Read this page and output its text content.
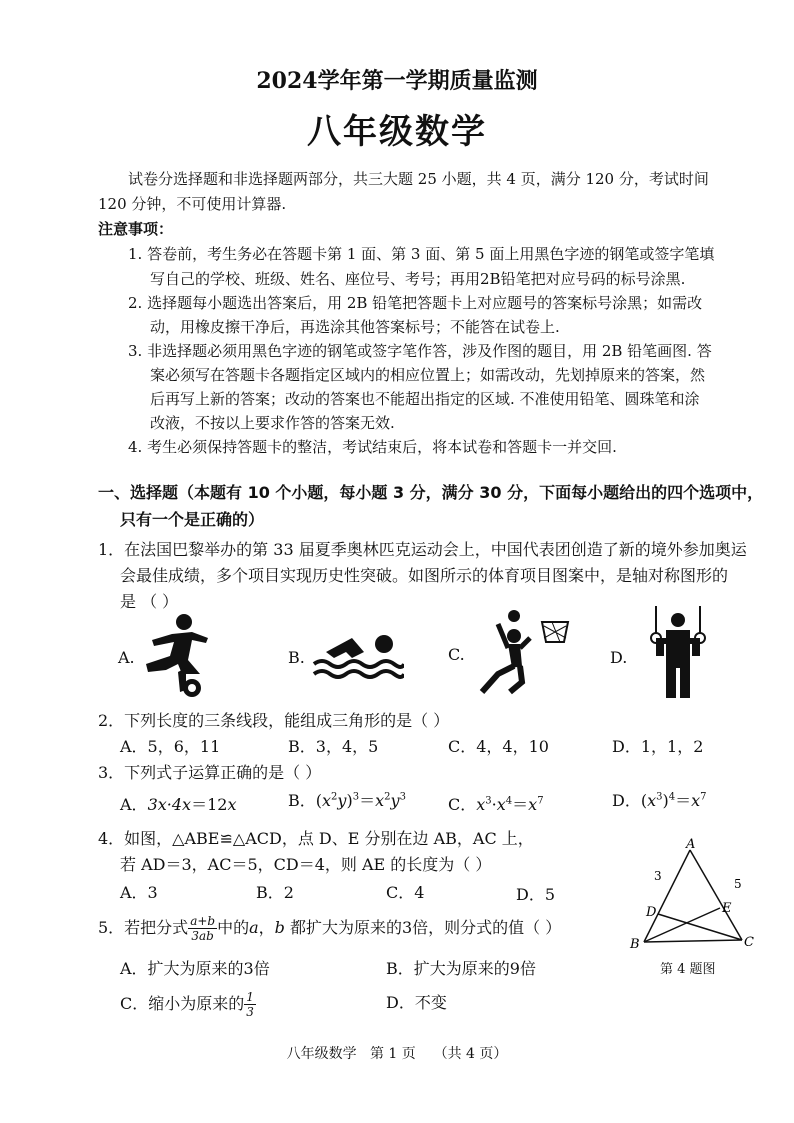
2024学年第一学期质量监测
八年级数学
试卷分选择题和非选择题两部分，共三大题 25 小题，共 4 页，满分 120 分，考试时间
120 分钟，不可使用计算器.
注意事项：
1. 答卷前，考生务必在答题卡第 1 面、第 3 面、第 5 面上用黑色字迹的钢笔或签字笔填
写自己的学校、班级、姓名、座位号、考号；再用2B铅笔把对应号码的标号涂黑.
2. 选择题每小题选出答案后，用 2B 铅笔把答题卡上对应题号的答案标号涂黑；如需改
动，用橡皮擦干净后，再选涂其他答案标号；不能答在试卷上.
3. 非选择题必须用黑色字迹的钢笔或签字笔作答，涉及作图的题目，用 2B 铅笔画图. 答
案必须写在答题卡各题指定区域内的相应位置上；如需改动，先划掉原来的答案，然
后再写上新的答案；改动的答案也不能超出指定的区域. 不准使用铅笔、圆珠笔和涂
改液，不按以上要求作答的答案无效.
4. 考生必须保持答题卡的整洁，考试结束后，将本试卷和答题卡一并交回.
一、选择题（本题有 10 个小题，每小题 3 分，满分 30 分，下面每小题给出的四个选项中，
只有一个是正确的）
1．在法国巴黎举办的第 33 届夏季奥林匹克运动会上，中国代表团创造了新的境外参加奥运
会最佳成绩，多个项目实现历史性突破。如图所示的体育项目图案中，是轴对称图形的
是 （ ）
A.	B.	C.	D.
2．下列长度的三条线段，能组成三角形的是（ ）
A．5，6，11	B．3，4，5	C．4，4，10	D．1，1，2
3．下列式子运算正确的是（ ）
A．3x·4x＝12x	B．$(x^2y)^3=x^2y^3$	C．$x^3\cdot x^4=x^7$	D．$(x^3)^4=x^7$
4．如图，△ABE≌△ACD，点 D、E 分别在边 AB，AC 上，
若 AD＝3，AC＝5，CD＝4，则 AE 的长度为（ ）
A．3	B．2	C．4	D．5
A
B	C
D	E
3
5
第 4 题图
5．若把分式 $\frac{a+b}{3ab}$ 中的a，b 都扩大为原来的3倍，则分式的值（ ）
A．扩大为原来的3倍	B．扩大为原来的9倍
C．缩小为原来的 $\frac{1}{3}$	D．不变
八年级数学 第 1 页 （共 4 页）
